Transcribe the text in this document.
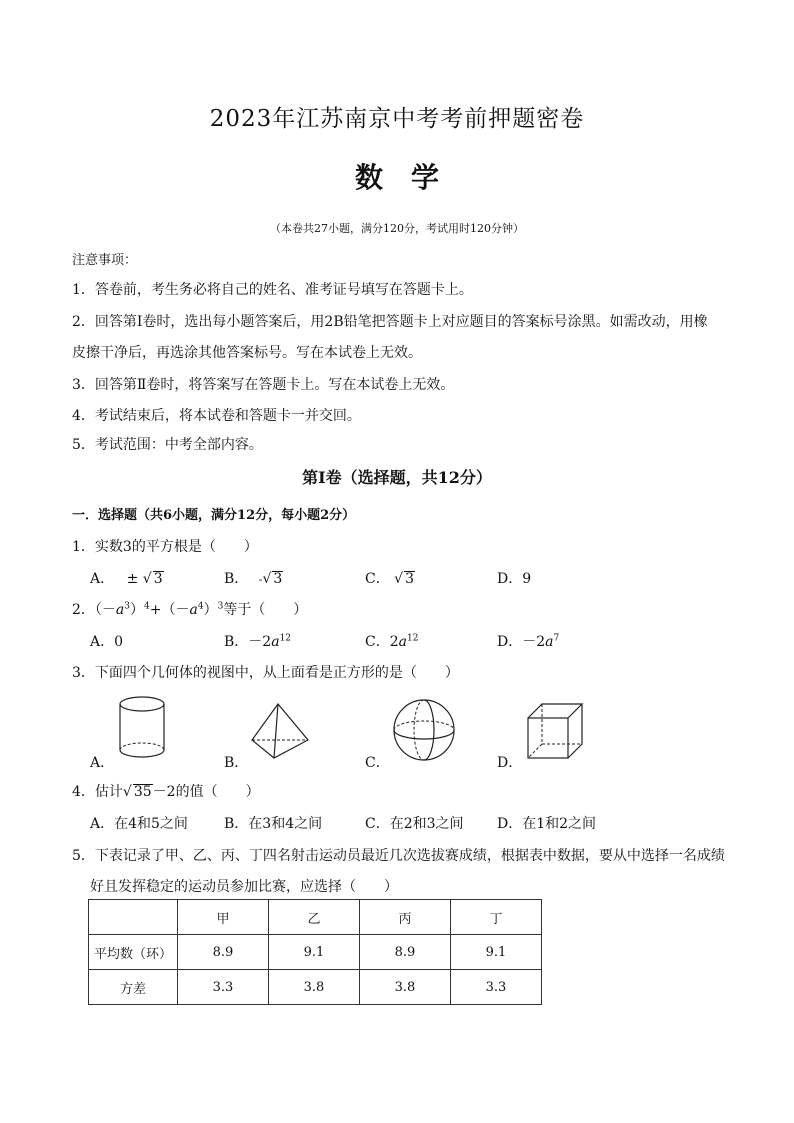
2023年江苏南京中考考前押题密卷
数学
（本卷共27小题，满分120分，考试用时120分钟）
注意事项：
1．答卷前，考生务必将自己的姓名、准考证号填写在答题卡上。
2．回答第Ⅰ卷时，选出每小题答案后，用2B铅笔把答题卡上对应题目的答案标号涂黑。如需改动，用橡
皮擦干净后，再选涂其他答案标号。写在本试卷上无效。
3．回答第Ⅱ卷时，将答案写在答题卡上。写在本试卷上无效。
4．考试结束后，将本试卷和答题卡一并交回。
5．考试范围：中考全部内容。
第Ⅰ卷（选择题，共12分）
一．选择题（共6小题，满分12分，每小题2分）
1．实数3的平方根是（　　）
A． ± √ 3	B． -√ 3	C． √ 3	D．9
2．$(-a^3)^4+(-a^4)^3$等于（　　）
A．0	B．$-2a^{12}$	C．$2a^{12}$	D．$-2a^7$
3．下面四个几何体的视图中，从上面看是正方形的是（　　）
A．	B．	C．	D．
4．估计√ 35－2的值（　　）
A．在4和5之间	B．在3和4之间	C．在2和3之间 D．在1和2之间
5．下表记录了甲、乙、丙、丁四名射击运动员最近几次选拔赛成绩，根据表中数据，要从中选择一名成绩
好且发挥稳定的运动员参加比赛，应选择（　　）
	甲	乙	丙	丁
平均数（环）	8.9	9.1	8.9	9.1
方差	3.3	3.8	3.8	3.3
